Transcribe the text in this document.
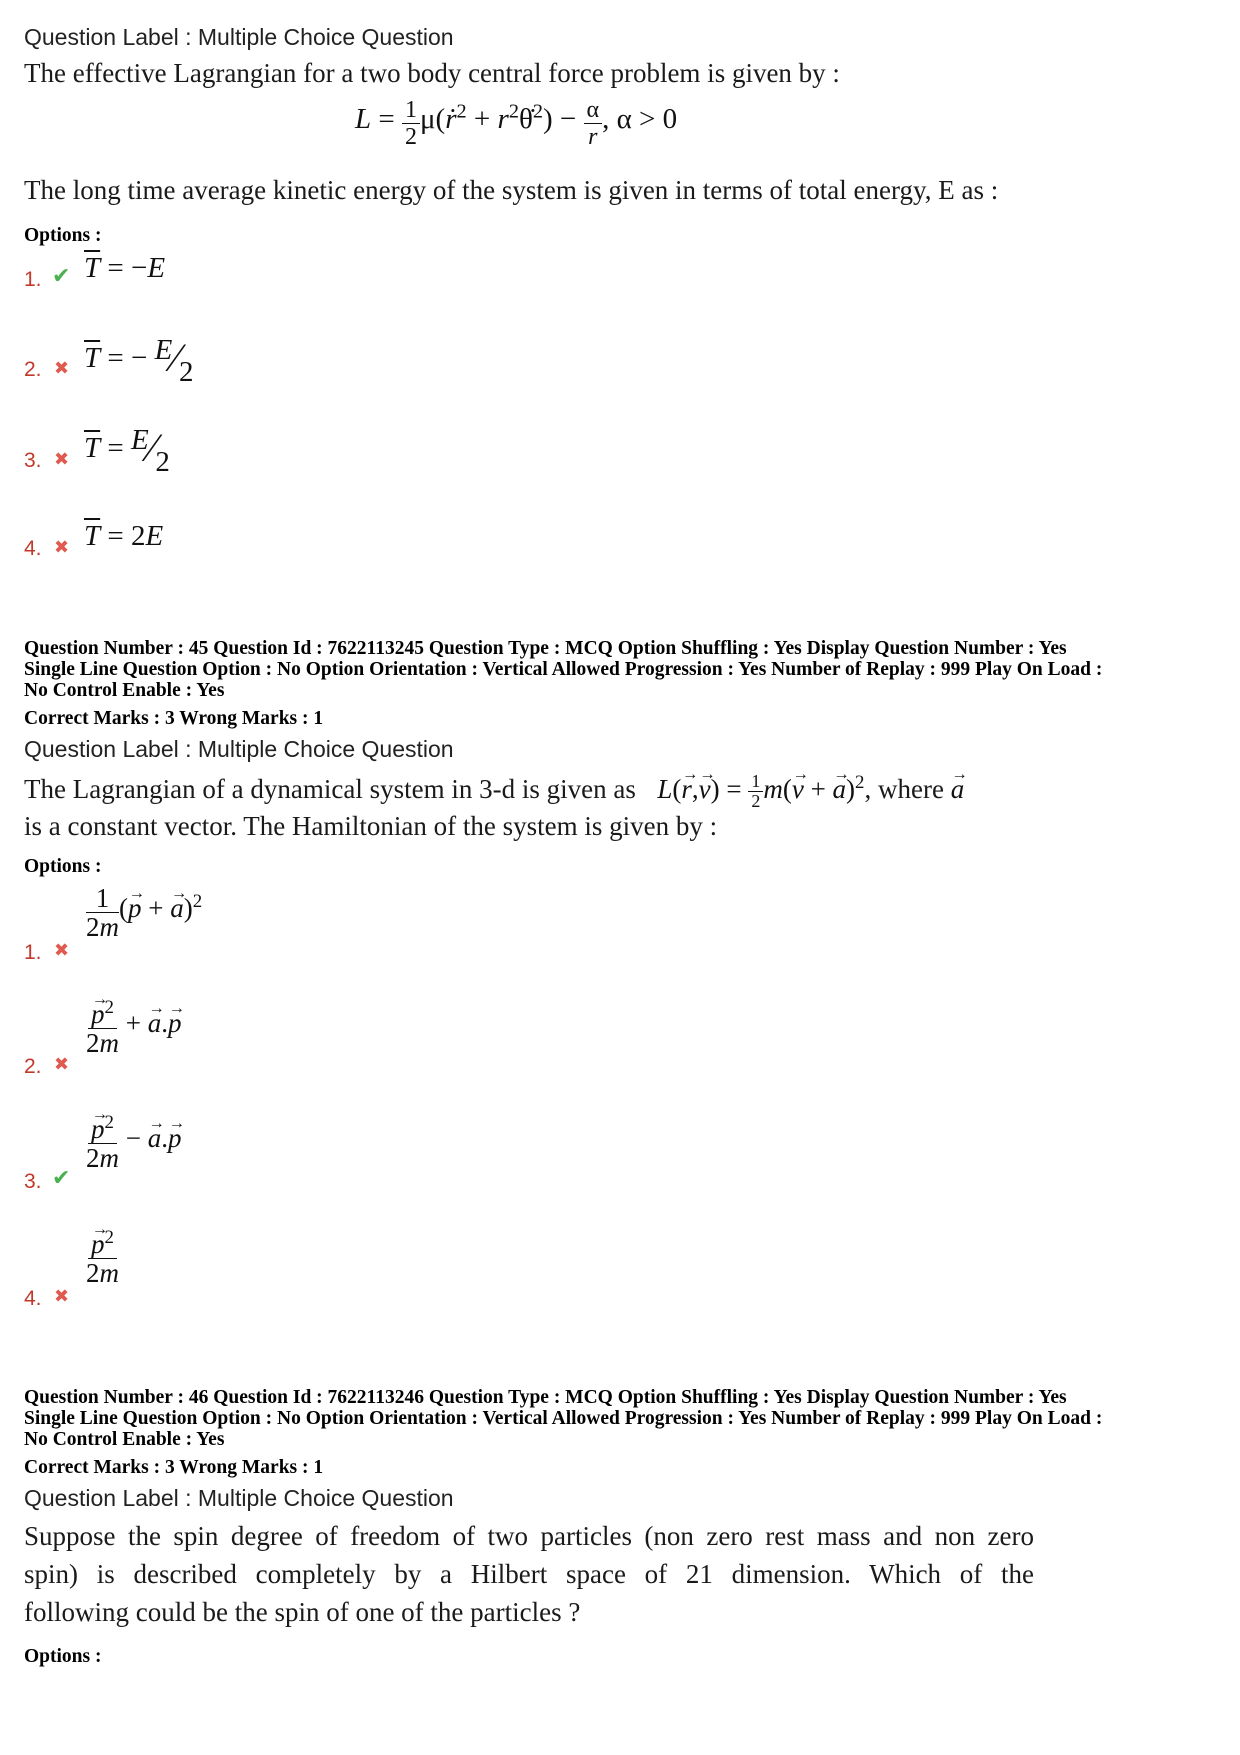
Question Label : Multiple Choice Question
The effective Lagrangian for a two body central force problem is given by :
$L = \frac{1}{2}$ μ(ṙ$^2$ + $r^2\thetȧ^2) - \frac{\alpha}{r}$ , α > 0
The long time average kinetic energy of the system is given in terms of total energy, E as :
Options :
1. ✔ $\overline{T} = -E$
2. ✖ $\overline{T}$ = − E⁄2
3. ✖ $\overline{T}$ = E⁄2
4. ✖ $\overline{T} = 2E$
Question Number : 45 Question Id : 7622113245 Question Type : MCQ Option Shuffling : Yes Display Question Number : Yes
Single Line Question Option : No Option Orientation : Vertical Allowed Progression : Yes Number of Replay : 999 Play On Load :
No Control Enable : Yes
Correct Marks : 3 Wrong Marks : 1
Question Label : Multiple Choice Question
The Lagrangian of a dynamical system in 3-d is given as $L(\to r,\to v) = \frac{1}{2} m(\to v$ + → a)$^2$, where → a
is a constant vector. The Hamiltonian of the system is given by :
Options :
1. ✖
$\frac{1}{2m}$ (→ p + → a)$^2$
2. ✖
→ $\frac{p^2}{2m}$ + → a.→ p
3. ✔
→ $\frac{p^2}{2m}$ − → a.→ p
4. ✖
→ $\frac{p^2}{2m}$
Question Number : 46 Question Id : 7622113246 Question Type : MCQ Option Shuffling : Yes Display Question Number : Yes
Single Line Question Option : No Option Orientation : Vertical Allowed Progression : Yes Number of Replay : 999 Play On Load :
No Control Enable : Yes
Correct Marks : 3 Wrong Marks : 1
Question Label : Multiple Choice Question
Suppose the spin degree of freedom of two particles (non zero rest mass and non zero
spin) is described completely by a Hilbert space of 21 dimension. Which of the
following could be the spin of one of the particles ?
Options :
